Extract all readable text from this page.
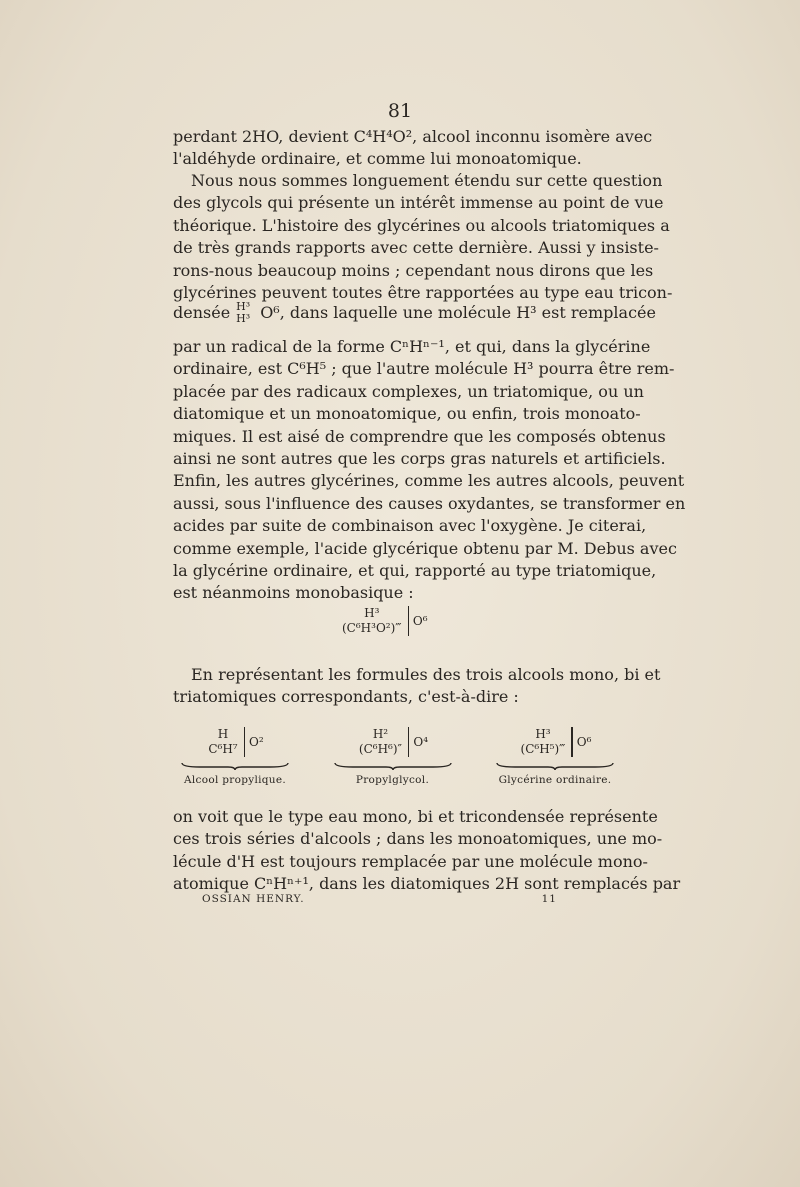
81
perdant 2HO, devient C⁴H⁴O², alcool inconnu isomère avec
l'aldéhyde ordinaire, et comme lui monoatomique.
Nous nous sommes longuement étendu sur cette question
des glycols qui présente un intérêt immense au point de vue
théorique. L'histoire des glycérines ou alcools triatomiques a
de très grands rapports avec cette dernière. Aussi y insiste-
rons-nous beaucoup moins ; cependant nous dirons que les
glycérines peuvent toutes être rapportées au type eau tricon-
densée H³
H³ O⁶ , dans laquelle une molécule H³ est remplacée
par un radical de la forme CⁿHⁿ⁻¹, et qui, dans la glycérine
ordinaire, est C⁶H⁵ ; que l'autre molécule H³ pourra être rem-
placée par des radicaux complexes, un triatomique, ou un
diatomique et un monoatomique, ou enfin, trois monoato-
miques. Il est aisé de comprendre que les composés obtenus
ainsi ne sont autres que les corps gras naturels et artificiels.
Enfin, les autres glycérines, comme les autres alcools, peuvent
aussi, sous l'influence des causes oxydantes, se transformer en
acides par suite de combinaison avec l'oxygène. Je citerai,
comme exemple, l'acide glycérique obtenu par M. Debus avec
la glycérine ordinaire, et qui, rapporté au type triatomique,
est néanmoins monobasique :
H³
(C⁶H³O²)‴ O⁶
En représentant les formules des trois alcools mono, bi et
triatomiques correspondants, c'est-à-dire :
H
C⁶H⁷ O²
Alcool propylique.
H²
(C⁶H⁶)″ O⁴
Propylglycol.
H³
(C⁶H⁵)‴ O⁶
Glycérine ordinaire.
on voit que le type eau mono, bi et tricondensée représente
ces trois séries d'alcools ; dans les monoatomiques, une mo-
lécule d'H est toujours remplacée par une molécule mono-
atomique CⁿHⁿ⁺¹, dans les diatomiques 2H sont remplacés par
OSSIAN HENRY.	11
